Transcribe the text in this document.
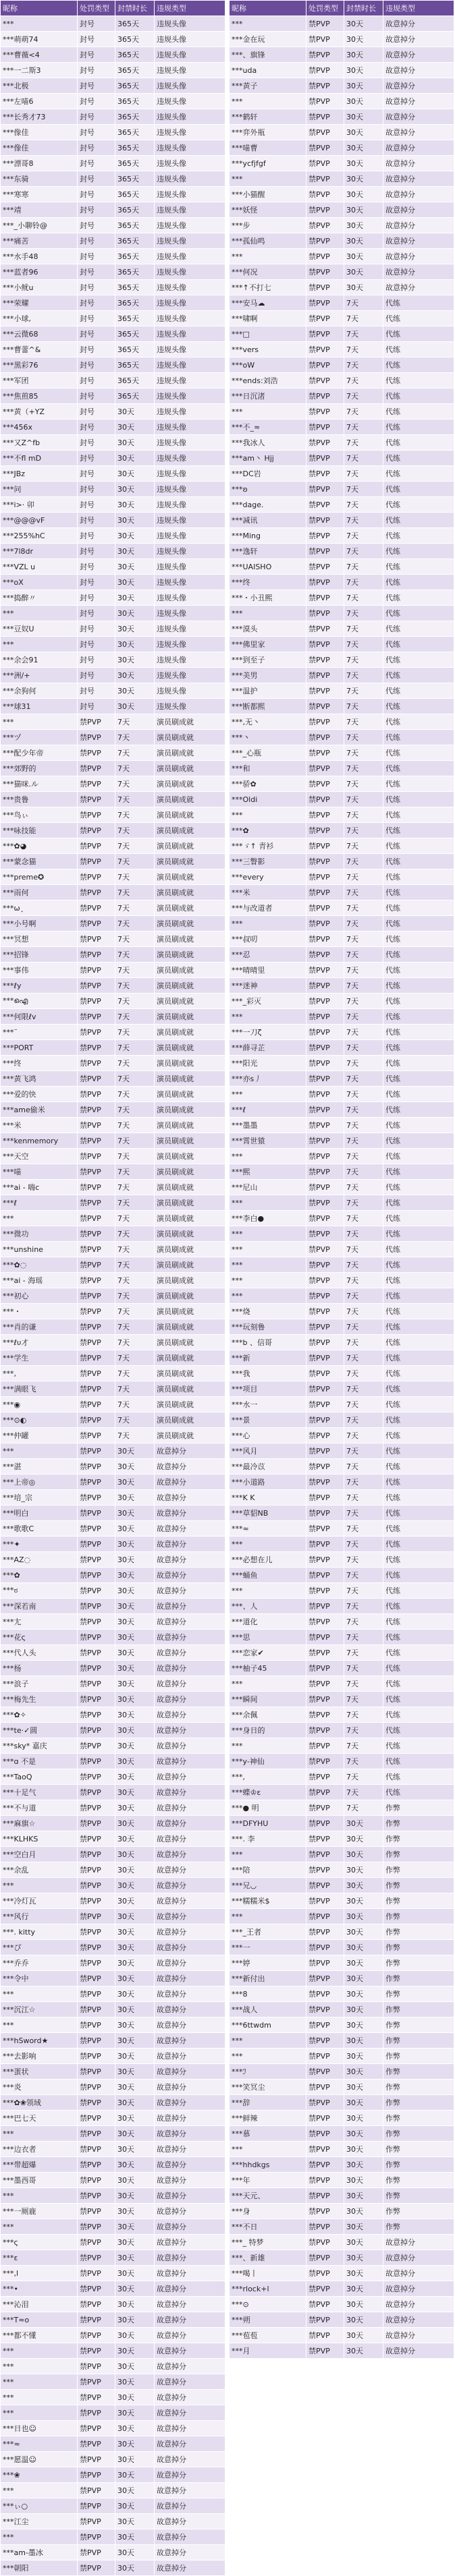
昵称	处罚类型	封禁时长	违规类型
***	封号	365天	违规头像
***萌萌74	封号	365天	违规头像
***曹薇<4	封号	365天	违规头像
***一二斯3	封号	365天	违规头像
***北极	封号	365天	违规头像
***左喵6	封号	365天	违规头像
***长秀才73	封号	365天	违规头像
***像佳	封号	365天	违规头像
***像佳	封号	365天	违规头像
***漂哥8	封号	365天	违规头像
***东骑	封号	365天	违规头像
***寒寒	封号	365天	违规头像
***靖	封号	365天	违规头像
***_小聊铃@	封号	365天	违规头像
***痛苦	封号	365天	违规头像
***水手48	封号	365天	违规头像
***蓝者96	封号	365天	违规头像
***小鱿u	封号	365天	违规头像
***荣耀	封号	365天	违规头像
***小球,	封号	365天	违规头像
***云微68	封号	365天	违规头像
***曹蕾^&	封号	365天	违规头像
***黑彩76	封号	365天	违规头像
***军团	封号	365天	违规头像
***焦煎85	封号	365天	违规头像
***黄（+YZ	封号	30天	违规头像
***456x	封号	30天	违规头像
***又Z^fb	封号	30天	违规头像
***不fl mD	封号	30天	违规头像
***JBz	封号	30天	违规头像
***问	封号	30天	违规头像
***i>· 卯	封号	30天	违规头像
***@@@vF	封号	30天	违规头像
***255%hC	封号	30天	违规头像
***7l8dr	封号	30天	违规头像
***VZL u	封号	30天	违规头像
***oX	封号	30天	违规头像
***捣醉〃	封号	30天	违规头像
***	封号	30天	违规头像
***豆奴U	封号	30天	违规头像
***	封号	30天	违规头像
***余会91	封号	30天	违规头像
***洲/+	封号	30天	违规头像
***余狗何	封号	30天	违规头像
***球31	封号	30天	违规头像
***	禁PVP	7天	演员刷成就
***ヅ	禁PVP	7天	演员刷成就
***配少年帝	禁PVP	7天	演员刷成就
***郊野的	禁PVP	7天	演员刷成就
***猫咪.ル	禁PVP	7天	演员刷成就
***贵鲁	禁PVP	7天	演员刷成就
***鸟ぃ	禁PVP	7天	演员刷成就
***咏技能	禁PVP	7天	演员刷成就
***✿◕	禁PVP	7天	演员刷成就
***蒙念猫	禁PVP	7天	演员刷成就
***preme✪	禁PVP	7天	演员刷成就
***雨何	禁PVP	7天	演员刷成就
***ω¸	禁PVP	7天	演员刷成就
***小号啊	禁PVP	7天	演员刷成就
***冥想	禁PVP	7天	演员刷成就
***招锋	禁PVP	7天	演员刷成就
***事伟	禁PVP	7天	演员刷成就
***ℓy	禁PVP	7天	演员刷成就
***ഐ	禁PVP	7天	演员刷成就
***何限ℓv	禁PVP	7天	演员刷成就
***¨	禁PVP	7天	演员刷成就
***PORT	禁PVP	7天	演员刷成就
***终	禁PVP	7天	演员刷成就
***黄飞鸿	禁PVP	7天	演员刷成就
***爱的快	禁PVP	7天	演员刷成就
***ame偷米	禁PVP	7天	演员刷成就
***米	禁PVP	7天	演员刷成就
***kenmemory	禁PVP	7天	演员刷成就
***天空	禁PVP	7天	演员刷成就
***喵	禁PVP	7天	演员刷成就
***ai - 嗨c	禁PVP	7天	演员刷成就
***ℓ	禁PVP	7天	演员刷成就
***	禁PVP	7天	演员刷成就
***微功	禁PVP	7天	演员刷成就
***unshine	禁PVP	7天	演员刷成就
***✿◌	禁PVP	7天	演员刷成就
***ai - 海瑶	禁PVP	7天	演员刷成就
***初心	禁PVP	7天	演员刷成就
***・	禁PVP	7天	演员刷成就
***肖的谦	禁PVP	7天	演员刷成就
***ℓυ才	禁PVP	7天	演员刷成就
***学生	禁PVP	7天	演员刷成就
***,	禁PVP	7天	演员刷成就
***满眼飞	禁PVP	7天	演员刷成就
***◉	禁PVP	7天	演员刷成就
***⊙◐	禁PVP	7天	演员刷成就
***仲罐	禁PVP	7天	演员刷成就
***	禁PVP	30天	故意掉分
***湛	禁PVP	30天	故意掉分
***上帝◎	禁PVP	30天	故意掉分
***培_宗	禁PVP	30天	故意掉分
***明白	禁PVP	30天	故意掉分
***歌歌C	禁PVP	30天	故意掉分
***✦	禁PVP	30天	故意掉分
***AZ◌	禁PVP	30天	故意掉分
***✿	禁PVP	30天	故意掉分
***ಠ	禁PVP	30天	故意掉分
***深若南	禁PVP	30天	故意掉分
***尢	禁PVP	30天	故意掉分
***花ς	禁PVP	30天	故意掉分
***代人头	禁PVP	30天	故意掉分
***杨	禁PVP	30天	故意掉分
***浪子	禁PVP	30天	故意掉分
***梅先生	禁PVP	30天	故意掉分
***✿✧	禁PVP	30天	故意掉分
***te·✓圆	禁PVP	30天	故意掉分
***sky* 嘉庆	禁PVP	30天	故意掉分
***ɑ 不是	禁PVP	30天	故意掉分
***TaoQ	禁PVP	30天	故意掉分
***十足气	禁PVP	30天	故意掉分
***不与道	禁PVP	30天	故意掉分
***麻旗☆	禁PVP	30天	故意掉分
***KLHKS	禁PVP	30天	故意掉分
***空白月	禁PVP	30天	故意掉分
***余乱	禁PVP	30天	故意掉分
***	禁PVP	30天	故意掉分
***冷灯瓦	禁PVP	30天	故意掉分
***风行	禁PVP	30天	故意掉分
***. kitty	禁PVP	30天	故意掉分
***ぴ	禁PVP	30天	故意掉分
***乔乔	禁PVP	30天	故意掉分
***令中	禁PVP	30天	故意掉分
***	禁PVP	30天	故意掉分
***沉江☆	禁PVP	30天	故意掉分
***	禁PVP	30天	故意掉分
***hSword★	禁PVP	30天	故意掉分
***去影响	禁PVP	30天	故意掉分
***蛋状	禁PVP	30天	故意掉分
***炎	禁PVP	30天	故意掉分
***✿❀领域	禁PVP	30天	故意掉分
***巴七天	禁PVP	30天	故意掉分
***	禁PVP	30天	故意掉分
***边衣者	禁PVP	30天	故意掉分
***带超爆	禁PVP	30天	故意掉分
***墨西哥	禁PVP	30天	故意掉分
***	禁PVP	30天	故意掉分
***一厕鹿	禁PVP	30天	故意掉分
***	禁PVP	30天	故意掉分
***ς	禁PVP	30天	故意掉分
***ɛ	禁PVP	30天	故意掉分
***,l	禁PVP	30天	故意掉分
***•	禁PVP	30天	故意掉分
***沁泪	禁PVP	30天	故意掉分
***T≈o	禁PVP	30天	故意掉分
***都不懂	禁PVP	30天	故意掉分
***	禁PVP	30天	故意掉分
***	禁PVP	30天	故意掉分
***	禁PVP	30天	故意掉分
***	禁PVP	30天	故意掉分
***	禁PVP	30天	故意掉分
***日也☺	禁PVP	30天	故意掉分
***≈	禁PVP	30天	故意掉分
***愿温☺	禁PVP	30天	故意掉分
***❀	禁PVP	30天	故意掉分
***	禁PVP	30天	故意掉分
***ぃ○	禁PVP	30天	故意掉分
***江尘	禁PVP	30天	故意掉分
***	禁PVP	30天	故意掉分
***am-墨冰	禁PVP	30天	故意掉分
***朝阳	禁PVP	30天	故意掉分
昵称	处罚类型	封禁时长	违规类型
***	禁PVP	30天	故意掉分
***金在玩	禁PVP	30天	故意掉分
***、旗锋	禁PVP	30天	故意掉分
***uda	禁PVP	30天	故意掉分
***黄子	禁PVP	30天	故意掉分
***	禁PVP	30天	故意掉分
***鹤轩	禁PVP	30天	故意掉分
***弈外瓶	禁PVP	30天	故意掉分
***喵曹	禁PVP	30天	故意掉分
***ycfjfgf	禁PVP	30天	故意掉分
***	禁PVP	30天	故意掉分
***小猫醒	禁PVP	30天	故意掉分
***妖怪	禁PVP	30天	故意掉分
***步	禁PVP	30天	故意掉分
***孤仙鸣	禁PVP	30天	故意掉分
***	禁PVP	30天	故意掉分
***何况	禁PVP	30天	故意掉分
***↑不打七	禁PVP	30天	故意掉分
***安马☁	禁PVP	7天	代练
***啸啊	禁PVP	7天	代练
***□	禁PVP	7天	代练
***vers	禁PVP	7天	代练
***oW	禁PVP	7天	代练
***ends:刘浩	禁PVP	7天	代练
***日沉渚	禁PVP	7天	代练
***	禁PVP	7天	代练
***不_≈	禁PVP	7天	代练
***我冰人	禁PVP	7天	代练
***am丶 Hjj	禁PVP	7天	代练
***DC岩	禁PVP	7天	代练
***ʚ	禁PVP	7天	代练
***dage.	禁PVP	7天	代练
***减讯	禁PVP	7天	代练
***Ming	禁PVP	7天	代练
***逸轩	禁PVP	7天	代练
***UAISHO	禁PVP	7天	代练
***终	禁PVP	7天	代练
***・小丑熙	禁PVP	7天	代练
***	禁PVP	7天	代练
***漠头	禁PVP	7天	代练
***佛里家	禁PVP	7天	代练
***到至子	禁PVP	7天	代练
***美男	禁PVP	7天	代练
***温护	禁PVP	7天	代练
***断都熙	禁PVP	7天	代练
***,无丶	禁PVP	7天	代练
***丶	禁PVP	7天	代练
***_心瓶	禁PVP	7天	代练
***和	禁PVP	7天	代练
***骄✿	禁PVP	7天	代练
***Oldi	禁PVP	7天	代练
***	禁PVP	7天	代练
***✿	禁PVP	7天	代练
***ゞ↑ 青衫	禁PVP	7天	代练
***三瞥影	禁PVP	7天	代练
***every	禁PVP	7天	代练
***米	禁PVP	7天	代练
***与改道者	禁PVP	7天	代练
***	禁PVP	7天	代练
***叔叨	禁PVP	7天	代练
***忍	禁PVP	7天	代练
***晴晴里	禁PVP	7天	代练
***迷神	禁PVP	7天	代练
***_彩灭	禁PVP	7天	代练
***	禁PVP	7天	代练
***一刀ζ	禁PVP	7天	代练
***薛寻芷	禁PVP	7天	代练
***阳光	禁PVP	7天	代练
***亦s丿	禁PVP	7天	代练
***	禁PVP	7天	代练
***ℓ	禁PVP	7天	代练
***墨墨	禁PVP	7天	代练
***霄世猿	禁PVP	7天	代练
***	禁PVP	7天	代练
***熙	禁PVP	7天	代练
***尼山	禁PVP	7天	代练
***	禁PVP	7天	代练
***李白●	禁PVP	7天	代练
***	禁PVP	7天	代练
***	禁PVP	7天	代练
***	禁PVP	7天	代练
***	禁PVP	7天	代练
***	禁PVP	7天	代练
***烧	禁PVP	7天	代练
***玩刻鲁	禁PVP	7天	代练
***b 、信哥	禁PVP	7天	代练
***新	禁PVP	7天	代练
***我	禁PVP	7天	代练
***项目	禁PVP	7天	代练
***水一	禁PVP	7天	代练
***景	禁PVP	7天	代练
***心	禁PVP	7天	代练
***风月	禁PVP	7天	代练
***最冷苡	禁PVP	7天	代练
***小道路	禁PVP	7天	代练
***K K	禁PVP	7天	代练
***草貂NB	禁PVP	7天	代练
***≈	禁PVP	7天	代练
***	禁PVP	7天	代练
***必想在儿	禁PVP	7天	代练
***蛹鱼	禁PVP	7天	代练
***	禁PVP	7天	代练
***、人	禁PVP	7天	代练
***道化	禁PVP	7天	代练
***思	禁PVP	7天	代练
***恋家✔	禁PVP	7天	代练
***柚子45	禁PVP	7天	代练
***	禁PVP	7天	代练
***瞬间	禁PVP	7天	代练
***余佩	禁PVP	7天	代练
***身日的	禁PVP	7天	代练
***	禁PVP	7天	代练
***y-神仙	禁PVP	7天	代练
***,	禁PVP	7天	代练
***蝶♔ε	禁PVP	7天	代练
***● 明	禁PVP	7天	作弊
***DFYHU	禁PVP	30天	作弊
***. 李	禁PVP	30天	作弊
***	禁PVP	30天	作弊
***陪	禁PVP	30天	作弊
***兄◡	禁PVP	30天	作弊
***糯糯米$	禁PVP	30天	作弊
***	禁PVP	30天	作弊
***_王者	禁PVP	30天	作弊
***一	禁PVP	30天	作弊
***婷	禁PVP	30天	作弊
***新付出	禁PVP	30天	作弊
***8	禁PVP	30天	作弊
***战人	禁PVP	30天	作弊
***6ttwdm	禁PVP	30天	作弊
***	禁PVP	30天	作弊
***	禁PVP	30天	作弊
***ℐ	禁PVP	30天	作弊
***笑冥尘	禁PVP	30天	作弊
***辞	禁PVP	30天	作弊
***鲜辣	禁PVP	30天	作弊
***慕	禁PVP	30天	作弊
***	禁PVP	30天	作弊
***hhdkgs	禁PVP	30天	作弊
***年	禁PVP	30天	作弊
***天元、	禁PVP	30天	作弊
***身	禁PVP	30天	作弊
***不日	禁PVP	30天	作弊
***_ 特梦	禁PVP	30天	故意掉分
***、新雄	禁PVP	30天	故意掉分
***喝丨	禁PVP	30天	故意掉分
***rlock+l	禁PVP	30天	故意掉分
***⊙	禁PVP	30天	故意掉分
***朔	禁PVP	30天	故意掉分
***苞苞	禁PVP	30天	故意掉分
***月	禁PVP	30天	故意掉分
